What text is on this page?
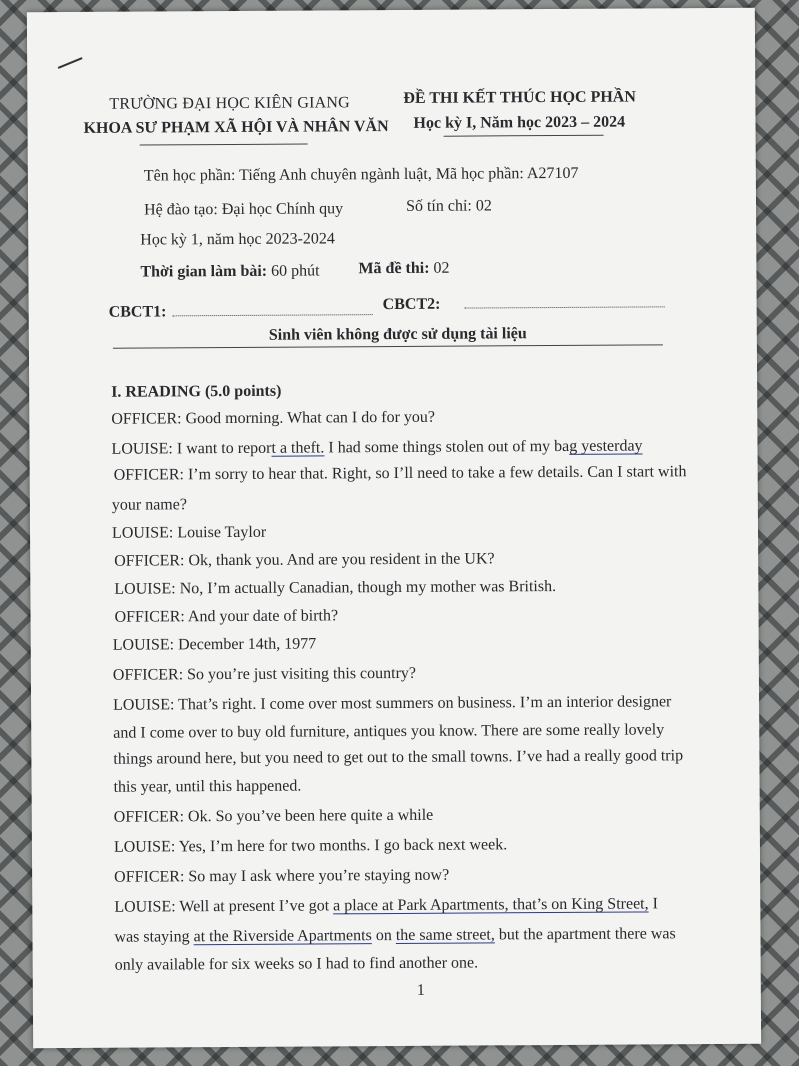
TRƯỜNG ĐẠI HỌC KIÊN GIANG
KHOA SƯ PHẠM XÃ HỘI VÀ NHÂN VĂN
ĐỀ THI KẾT THÚC HỌC PHẦN
Học kỳ I, Năm học 2023 – 2024
Tên học phần: Tiếng Anh chuyên ngành luật, Mã học phần: A27107
Hệ đào tạo: Đại học Chính quy	Số tín chỉ: 02
Học kỳ 1, năm học 2023-2024
Thời gian làm bài: 60 phút Mã đề thi: 02
CBCT1:	CBCT2:
Sinh viên không được sử dụng tài liệu
I. READING (5.0 points)
OFFICER: Good morning. What can I do for you?
LOUISE: I want to report a theft. I had some things stolen out of my bag yesterday
OFFICER: I’m sorry to hear that. Right, so I’ll need to take a few details. Can I start with
your name?
LOUISE: Louise Taylor
OFFICER: Ok, thank you. And are you resident in the UK?
LOUISE: No, I’m actually Canadian, though my mother was British.
OFFICER: And your date of birth?
LOUISE: December 14th, 1977
OFFICER: So you’re just visiting this country?
LOUISE: That’s right. I come over most summers on business. I’m an interior designer
and I come over to buy old furniture, antiques you know. There are some really lovely
things around here, but you need to get out to the small towns. I’ve had a really good trip
this year, until this happened.
OFFICER: Ok. So you’ve been here quite a while
LOUISE: Yes, I’m here for two months. I go back next week.
OFFICER: So may I ask where you’re staying now?
LOUISE: Well at present I’ve got a place at Park Apartments, that’s on King Street, I
was staying at the Riverside Apartments on the same street, but the apartment there was
only available for six weeks so I had to find another one.
1
